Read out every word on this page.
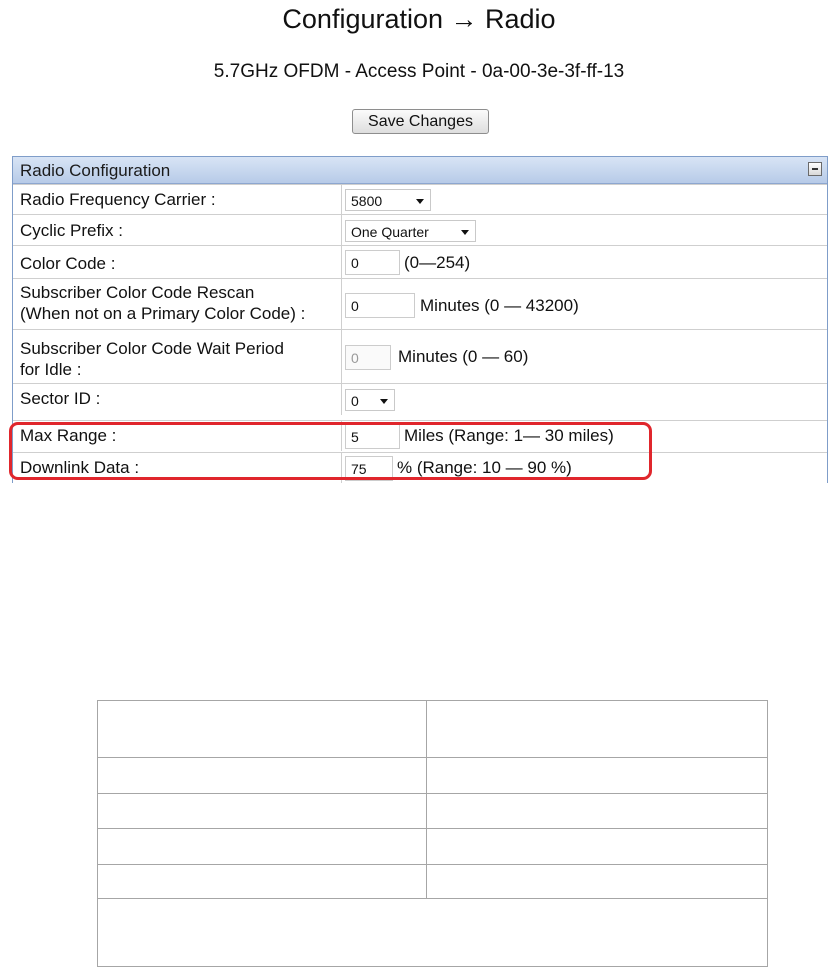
Configuration → Radio
5.7GHz OFDM - Access Point - 0a-00-3e-3f-ff-13
Save Changes
Radio Configuration
Radio Frequency Carrier :	5800
Cyclic Prefix :	One Quarter
Color Code :
0	(0—254)
Subscriber Color Code Rescan
(When not on a Primary Color Code) :
0	Minutes (0 — 43200)
Subscriber Color Code Wait Period
for Idle :
0
Minutes (0 — 60)
Sector ID :	0
Max Range :
5	Miles (Range: 1— 30 miles)
Downlink Data :
75	% (Range: 10 — 90 %)
